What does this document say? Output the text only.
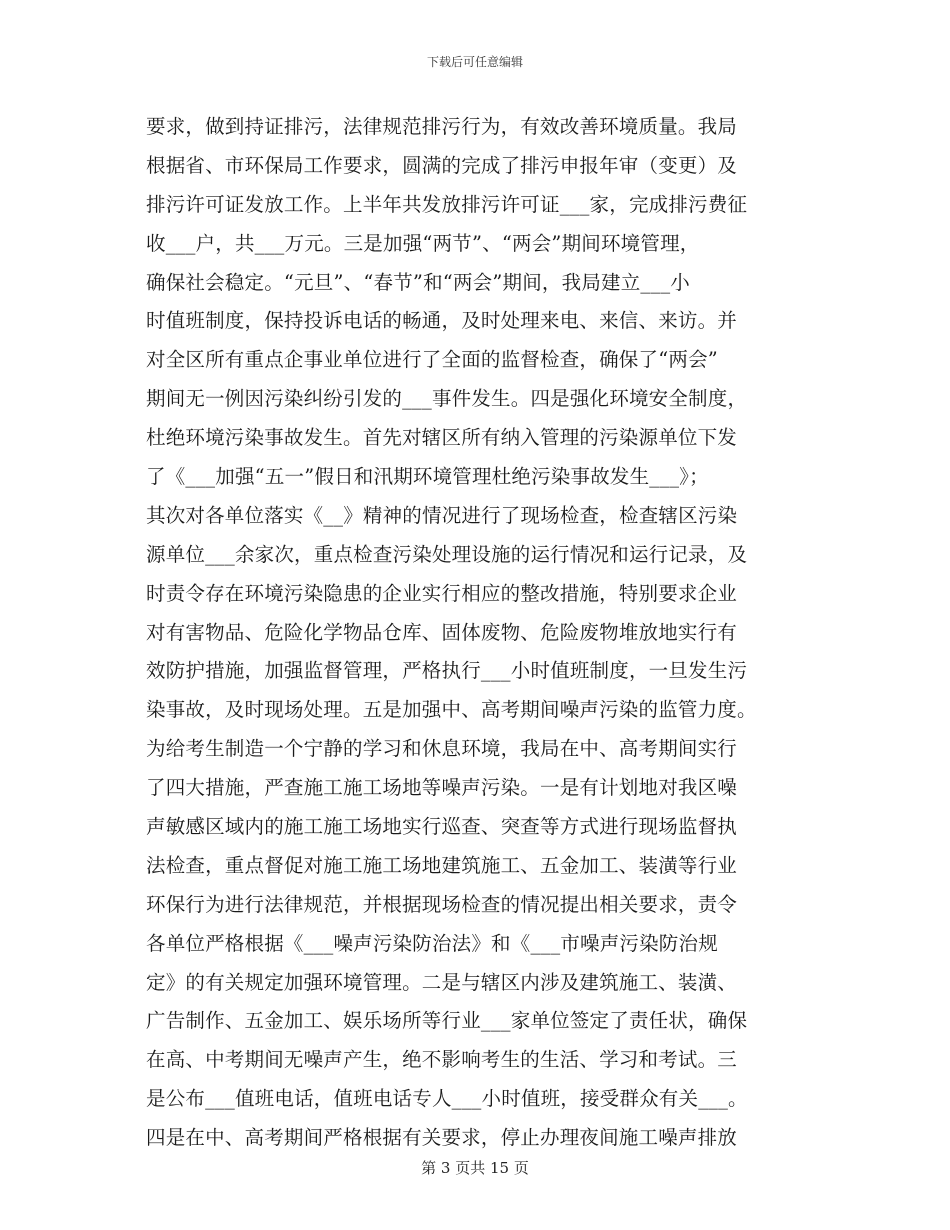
下载后可任意编辑
要求，做到持证排污，法律规范排污行为，有效改善环境质量。我局
根据省、市环保局工作要求，圆满的完成了排污申报年审（变更）及
排污许可证发放工作。上半年共发放排污许可证___家，完成排污费征
收___户，共___万元。三是加强“两节”、“两会”期间环境管理，
确保社会稳定。“元旦”、“春节”和“两会”期间，我局建立___小
时值班制度，保持投诉电话的畅通，及时处理来电、来信、来访。并
对全区所有重点企事业单位进行了全面的监督检查，确保了“两会”
期间无一例因污染纠纷引发的___事件发生。四是强化环境安全制度，
杜绝环境污染事故发生。首先对辖区所有纳入管理的污染源单位下发
了《___加强“五一”假日和汛期环境管理杜绝污染事故发生___》；
其次对各单位落实《__》精神的情况进行了现场检查，检查辖区污染
源单位___余家次，重点检查污染处理设施的运行情况和运行记录，及
时责令存在环境污染隐患的企业实行相应的整改措施，特别要求企业
对有害物品、危险化学物品仓库、固体废物、危险废物堆放地实行有
效防护措施，加强监督管理，严格执行___小时值班制度，一旦发生污
染事故，及时现场处理。五是加强中、高考期间噪声污染的监管力度。
为给考生制造一个宁静的学习和休息环境，我局在中、高考期间实行
了四大措施，严查施工施工场地等噪声污染。一是有计划地对我区噪
声敏感区域内的施工施工场地实行巡查、突查等方式进行现场监督执
法检查，重点督促对施工施工场地建筑施工、五金加工、装潢等行业
环保行为进行法律规范，并根据现场检查的情况提出相关要求，责令
各单位严格根据《___噪声污染防治法》和《___市噪声污染防治规
定》的有关规定加强环境管理。二是与辖区内涉及建筑施工、装潢、
广告制作、五金加工、娱乐场所等行业___家单位签定了责任状，确保
在高、中考期间无噪声产生，绝不影响考生的生活、学习和考试。三
是公布___值班电话，值班电话专人___小时值班，接受群众有关___。
四是在中、高考期间严格根据有关要求，停止办理夜间施工噪声排放
第 3 页共 15 页
